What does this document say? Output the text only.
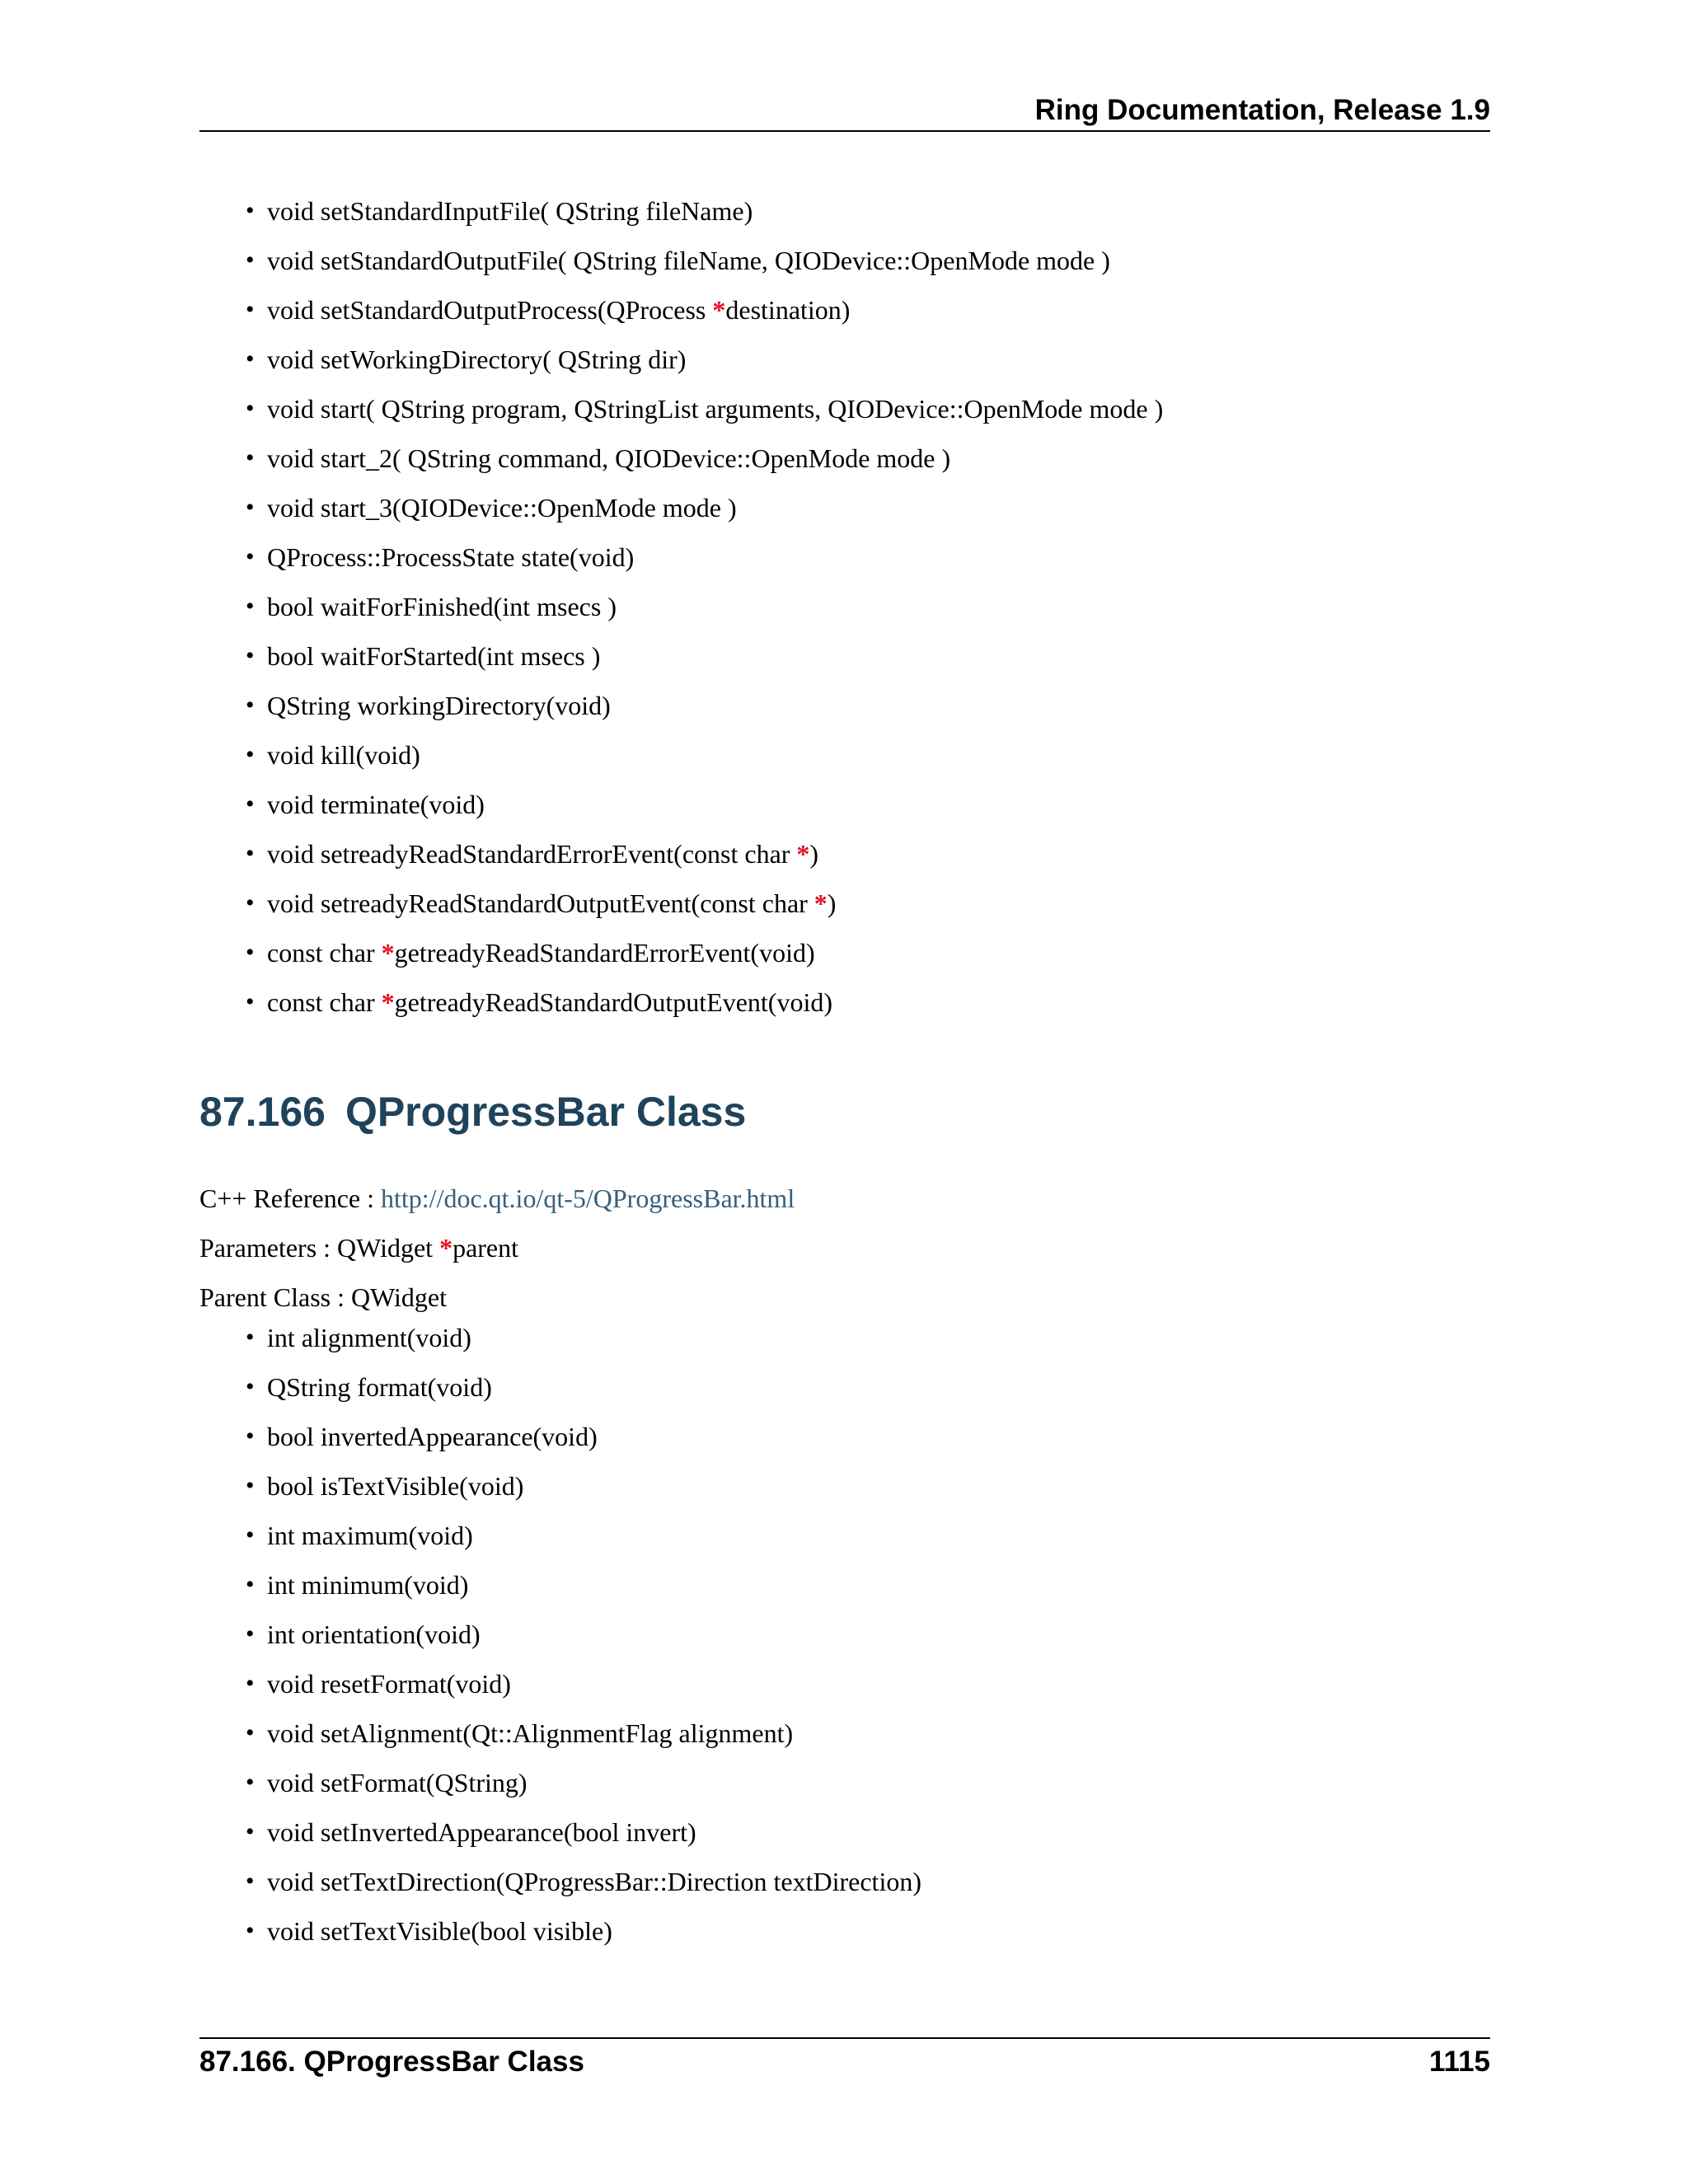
Ring Documentation, Release 1.9
• void setStandardInputFile( QString fileName)
• void setStandardOutputFile( QString fileName, QIODevice::OpenMode mode )
• void setStandardOutputProcess(QProcess *destination)
• void setWorkingDirectory( QString dir)
• void start( QString program, QStringList arguments, QIODevice::OpenMode mode )
• void start_2( QString command, QIODevice::OpenMode mode )
• void start_3(QIODevice::OpenMode mode )
• QProcess::ProcessState state(void)
• bool waitForFinished(int msecs )
• bool waitForStarted(int msecs )
• QString workingDirectory(void)
• void kill(void)
• void terminate(void)
• void setreadyReadStandardErrorEvent(const char *)
• void setreadyReadStandardOutputEvent(const char *)
• const char *getreadyReadStandardErrorEvent(void)
• const char *getreadyReadStandardOutputEvent(void)
87.166 QProgressBar Class
C++ Reference : http://doc.qt.io/qt-5/QProgressBar.html
Parameters : QWidget *parent
Parent Class : QWidget
• int alignment(void)
• QString format(void)
• bool invertedAppearance(void)
• bool isTextVisible(void)
• int maximum(void)
• int minimum(void)
• int orientation(void)
• void resetFormat(void)
• void setAlignment(Qt::AlignmentFlag alignment)
• void setFormat(QString)
• void setInvertedAppearance(bool invert)
• void setTextDirection(QProgressBar::Direction textDirection)
• void setTextVisible(bool visible)
87.166. QProgressBar Class	1115
